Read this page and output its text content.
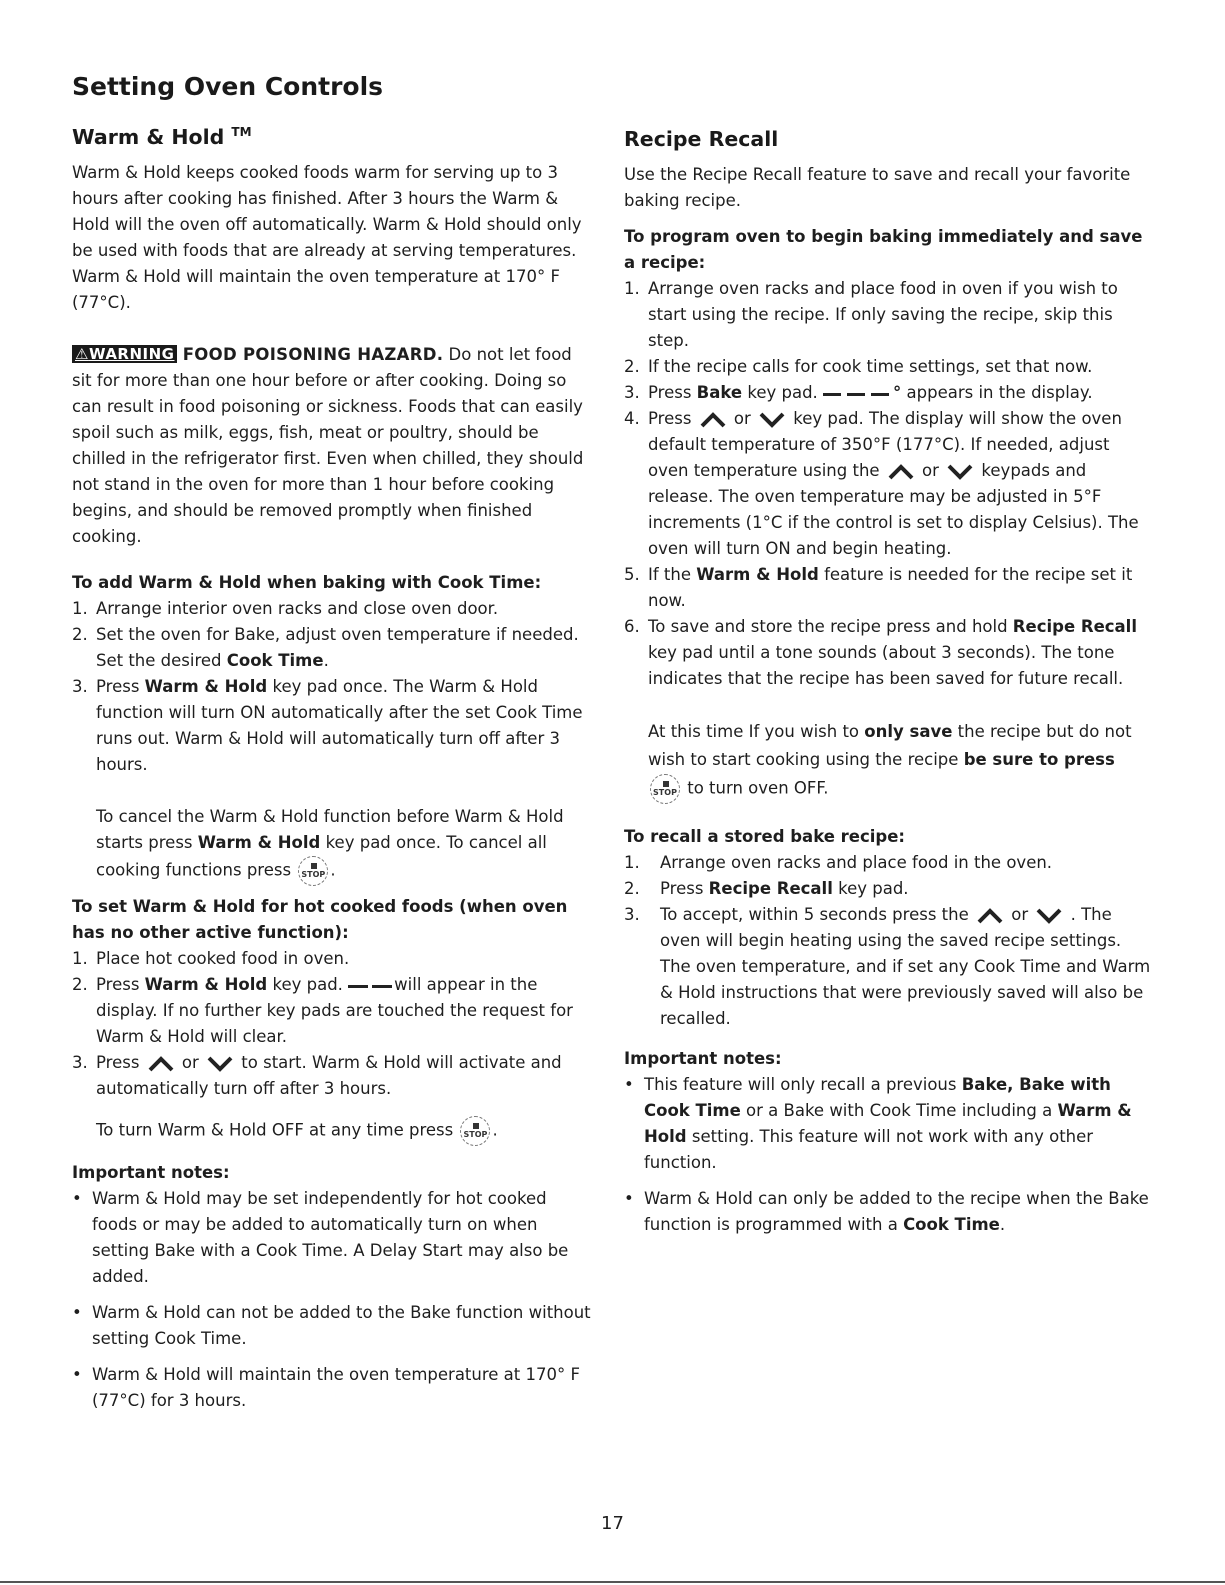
Setting Oven Controls
Warm & Hold ™

Warm & Hold keeps cooked foods warm for serving up to 3 hours after cooking has finished. After 3 hours the Warm & Hold will the oven off automatically. Warm & Hold should only be used with foods that are already at serving temperatures. Warm & Hold will maintain the oven temperature at 170° F (77°C).

⚠WARNING FOOD POISONING HAZARD. Do not let food sit for more than one hour before or after cooking. Doing so can result in food poisoning or sickness. Foods that can easily spoil such as milk, eggs, fish, meat or poultry, should be chilled in the refrigerator first. Even when chilled, they should not stand in the oven for more than 1 hour before cooking begins, and should be removed promptly when finished cooking.

To add Warm & Hold when baking with Cook Time:
1. Arrange interior oven racks and close oven door.
2. Set the oven for Bake, adjust oven temperature if needed. Set the desired Cook Time.
3. Press Warm & Hold key pad once. The Warm & Hold function will turn ON automatically after the set Cook Time runs out. Warm & Hold will automatically turn off after 3 hours.

To cancel the Warm & Hold function before Warm & Hold starts press Warm & Hold key pad once. To cancel all cooking functions press STOP .

To set Warm & Hold for hot cooked foods (when oven has no other active function):
1. Place hot cooked food in oven.
2. Press Warm & Hold key pad.	will appear in the display. If no further key pads are touched the request for Warm & Hold will clear.
3. Press  or  to start. Warm & Hold will activate and automatically turn off after 3 hours.

To turn Warm & Hold OFF at any time press STOP .

Important notes:
• Warm & Hold may be set independently for hot cooked foods or may be added to automatically turn on when setting Bake with a Cook Time. A Delay Start may also be added.
• Warm & Hold can not be added to the Bake function without setting Cook Time.
• Warm & Hold will maintain the oven temperature at 170° F (77°C) for 3 hours.
Recipe Recall

Use the Recipe Recall feature to save and recall your favorite baking recipe.

To program oven to begin baking immediately and save a recipe:
1. Arrange oven racks and place food in oven if you wish to start using the recipe. If only saving the recipe, skip this step.
2. If the recipe calls for cook time settings, set that now.
3. Press Bake key pad.	° appears in the display.
4. Press  or  key pad. The display will show the oven default temperature of 350°F (177°C). If needed, adjust oven temperature using the  or  keypads and release. The oven temperature may be adjusted in 5°F increments (1°C if the control is set to display Celsius). The oven will turn ON and begin heating.
5. If the Warm & Hold feature is needed for the recipe set it now.
6. To save and store the recipe press and hold Recipe Recall key pad until a tone sounds (about 3 seconds). The tone indicates that the recipe has been saved for future recall.

At this time If you wish to only save the recipe but do not wish to start cooking using the recipe be sure to press
STOP to turn oven OFF.

To recall a stored bake recipe:
1. Arrange oven racks and place food in the oven.
2. Press Recipe Recall key pad.
3. To accept, within 5 seconds press the  or  . The oven will begin heating using the saved recipe settings. The oven temperature, and if set any Cook Time and Warm & Hold instructions that were previously saved will also be recalled.
Important notes:
• This feature will only recall a previous Bake, Bake with Cook Time or a Bake with Cook Time including a Warm & Hold setting. This feature will not work with any other function.
• Warm & Hold can only be added to the recipe when the Bake function is programmed with a Cook Time.
17
